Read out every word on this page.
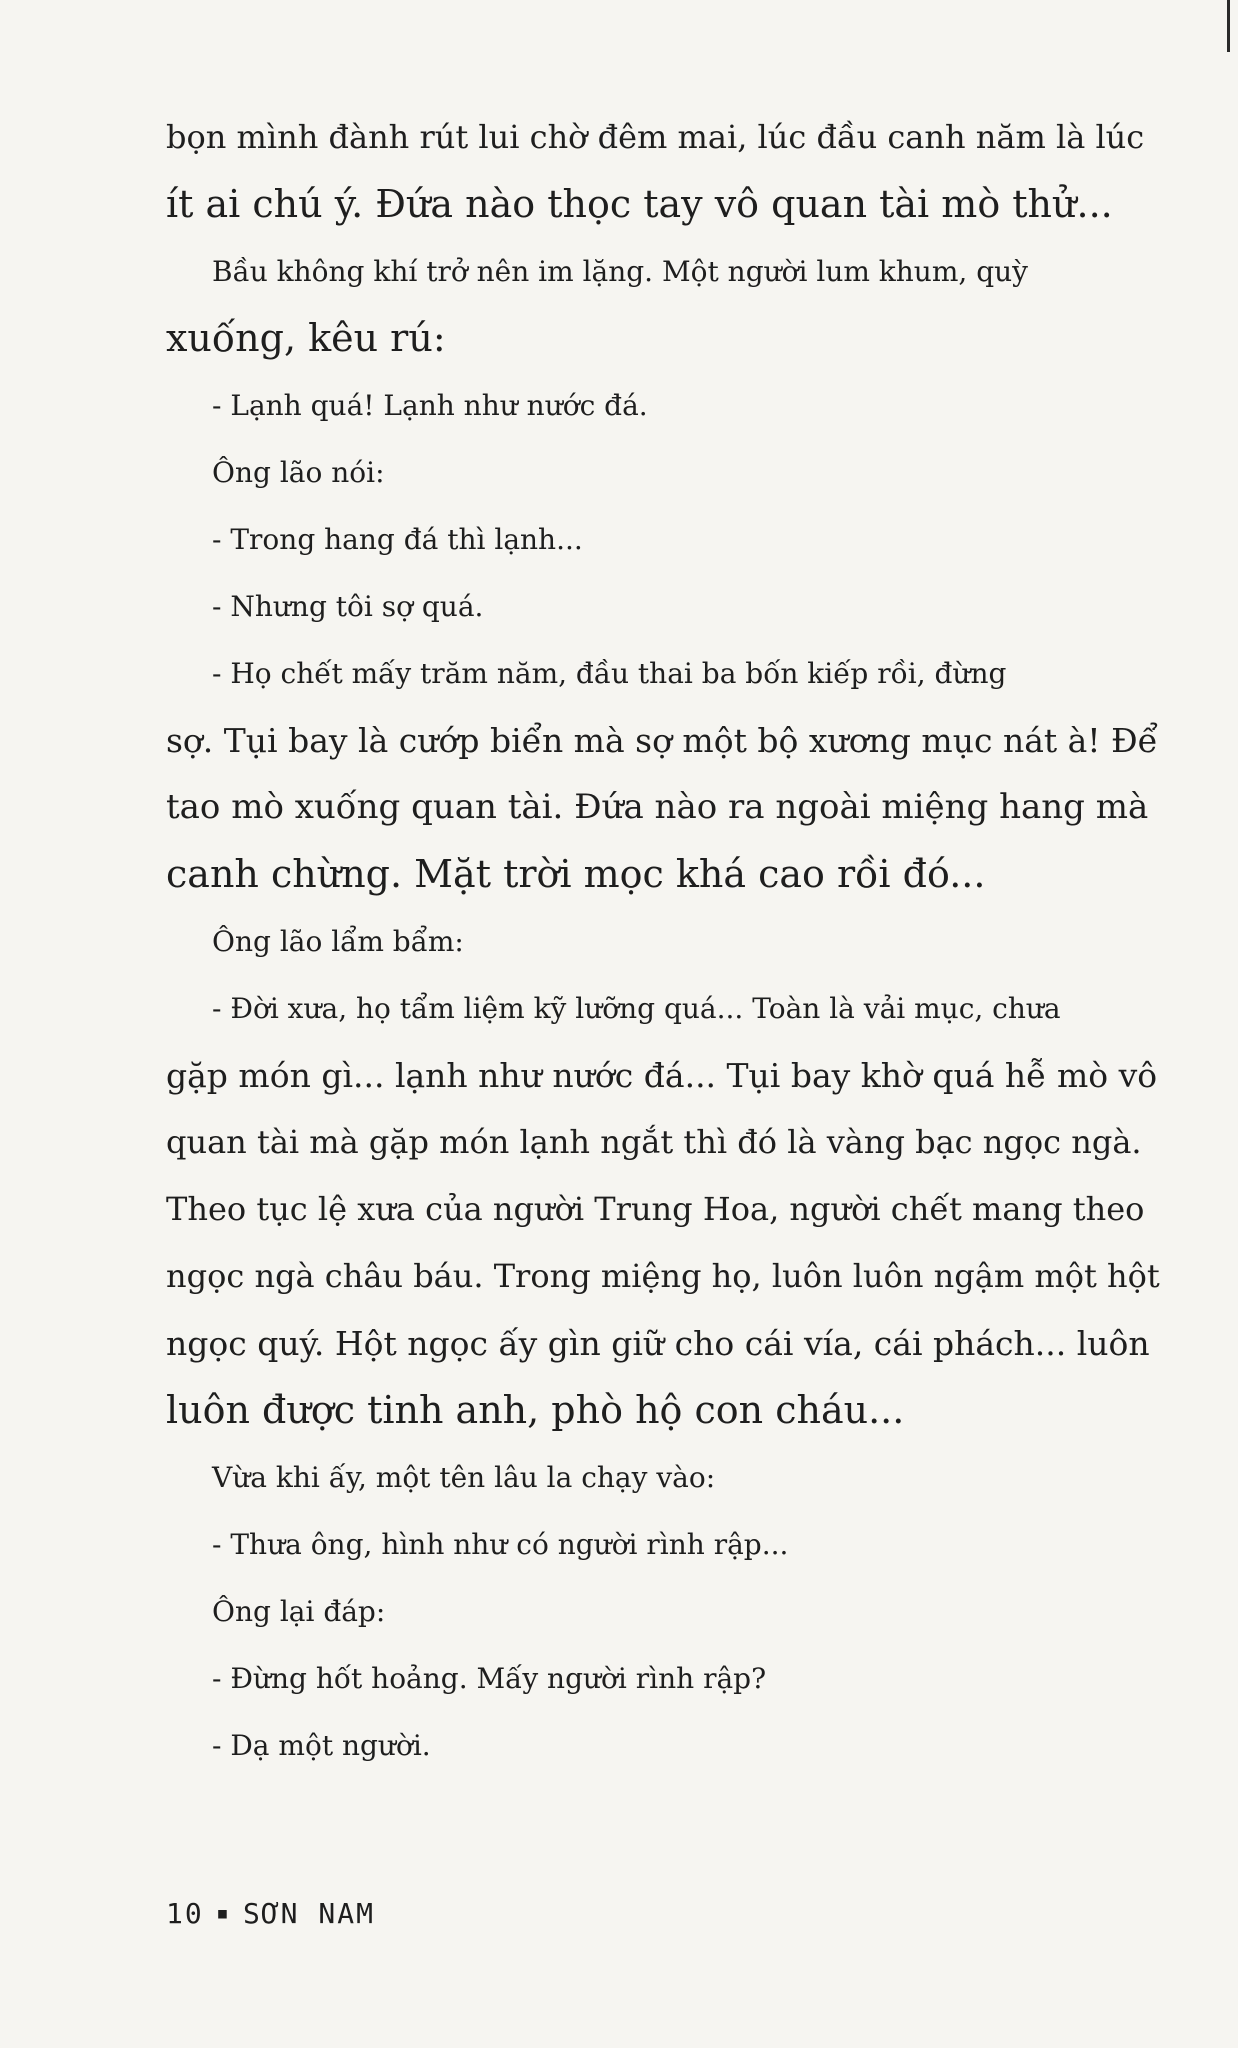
bọn mình đành rút lui chờ đêm mai, lúc đầu canh năm là lúc

ít ai chú ý. Đứa nào thọc tay vô quan tài mò thử...

Bầu không khí trở nên im lặng. Một người lum khum, quỳ

xuống, kêu rú:

- Lạnh quá! Lạnh như nước đá.

Ông lão nói:

- Trong hang đá thì lạnh...

- Nhưng tôi sợ quá.

- Họ chết mấy trăm năm, đầu thai ba bốn kiếp rồi, đừng

sợ. Tụi bay là cướp biển mà sợ một bộ xương mục nát à! Để

tao mò xuống quan tài. Đứa nào ra ngoài miệng hang mà

canh chừng. Mặt trời mọc khá cao rồi đó...

Ông lão lẩm bẩm:

- Đời xưa, họ tẩm liệm kỹ lưỡng quá... Toàn là vải mục, chưa

gặp món gì... lạnh như nước đá... Tụi bay khờ quá hễ mò vô

quan tài mà gặp món lạnh ngắt thì đó là vàng bạc ngọc ngà.

Theo tục lệ xưa của người Trung Hoa, người chết mang theo

ngọc ngà châu báu. Trong miệng họ, luôn luôn ngậm một hột

ngọc quý. Hột ngọc ấy gìn giữ cho cái vía, cái phách... luôn

luôn được tinh anh, phò hộ con cháu...

Vừa khi ấy, một tên lâu la chạy vào:

- Thưa ông, hình như có người rình rập...

Ông lại đáp:

- Đừng hốt hoảng. Mấy người rình rập?

- Dạ một người.

10 ▪ SƠN NAM
